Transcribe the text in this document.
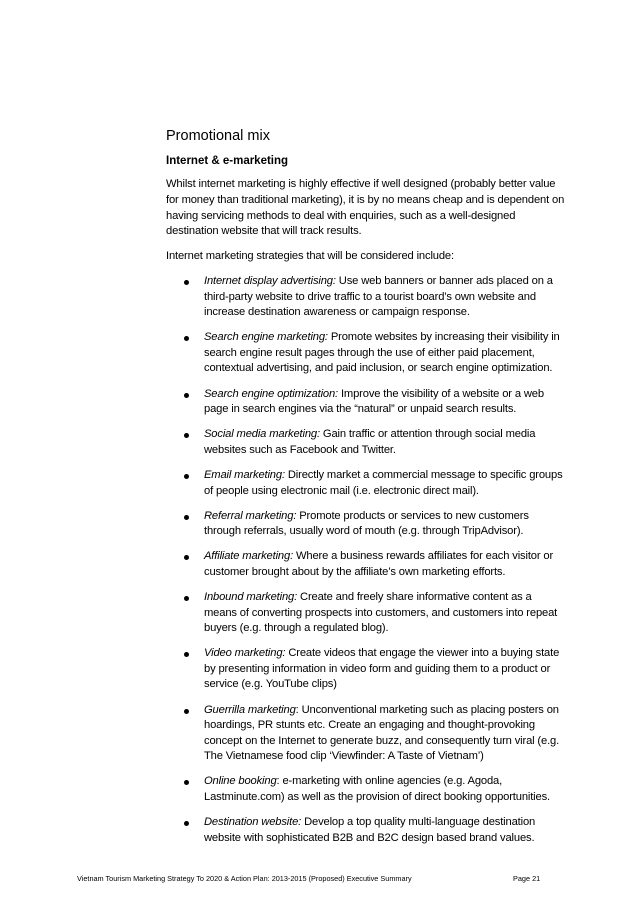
Promotional mix
Internet & e-marketing

Whilst internet marketing is highly effective if well designed (probably better value for money than traditional marketing), it is by no means cheap and is dependent on having servicing methods to deal with enquiries, such as a well-designed destination website that will track results.

Internet marketing strategies that will be considered include:

Internet display advertising: Use web banners or banner ads placed on a third-party website to drive traffic to a tourist board’s own website and increase destination awareness or campaign response.
Search engine marketing: Promote websites by increasing their visibility in search engine result pages through the use of either paid placement, contextual advertising, and paid inclusion, or search engine optimization.
Search engine optimization: Improve the visibility of a website or a web page in search engines via the “natural” or unpaid search results.
Social media marketing: Gain traffic or attention through social media websites such as Facebook and Twitter.
Email marketing: Directly market a commercial message to specific groups of people using electronic mail (i.e. electronic direct mail).
Referral marketing: Promote products or services to new customers through referrals, usually word of mouth (e.g. through TripAdvisor).
Affiliate marketing: Where a business rewards affiliates for each visitor or customer brought about by the affiliate’s own marketing efforts.
Inbound marketing: Create and freely share informative content as a means of converting prospects into customers, and customers into repeat buyers (e.g. through a regulated blog).
Video marketing: Create videos that engage the viewer into a buying state by presenting information in video form and guiding them to a product or service (e.g. YouTube clips)
Guerrilla marketing: Unconventional marketing such as placing posters on hoardings, PR stunts etc. Create an engaging and thought-provoking concept on the Internet to generate buzz, and consequently turn viral (e.g. The Vietnamese food clip ‘Viewfinder: A Taste of Vietnam’)
Online booking: e-marketing with online agencies (e.g. Agoda, Lastminute.com) as well as the provision of direct booking opportunities.
Destination website: Develop a top quality multi-language destination website with sophisticated B2B and B2C design based brand values.
Vietnam Tourism Marketing Strategy To 2020 & Action Plan: 2013-2015 (Proposed) Executive Summary	Page 21
